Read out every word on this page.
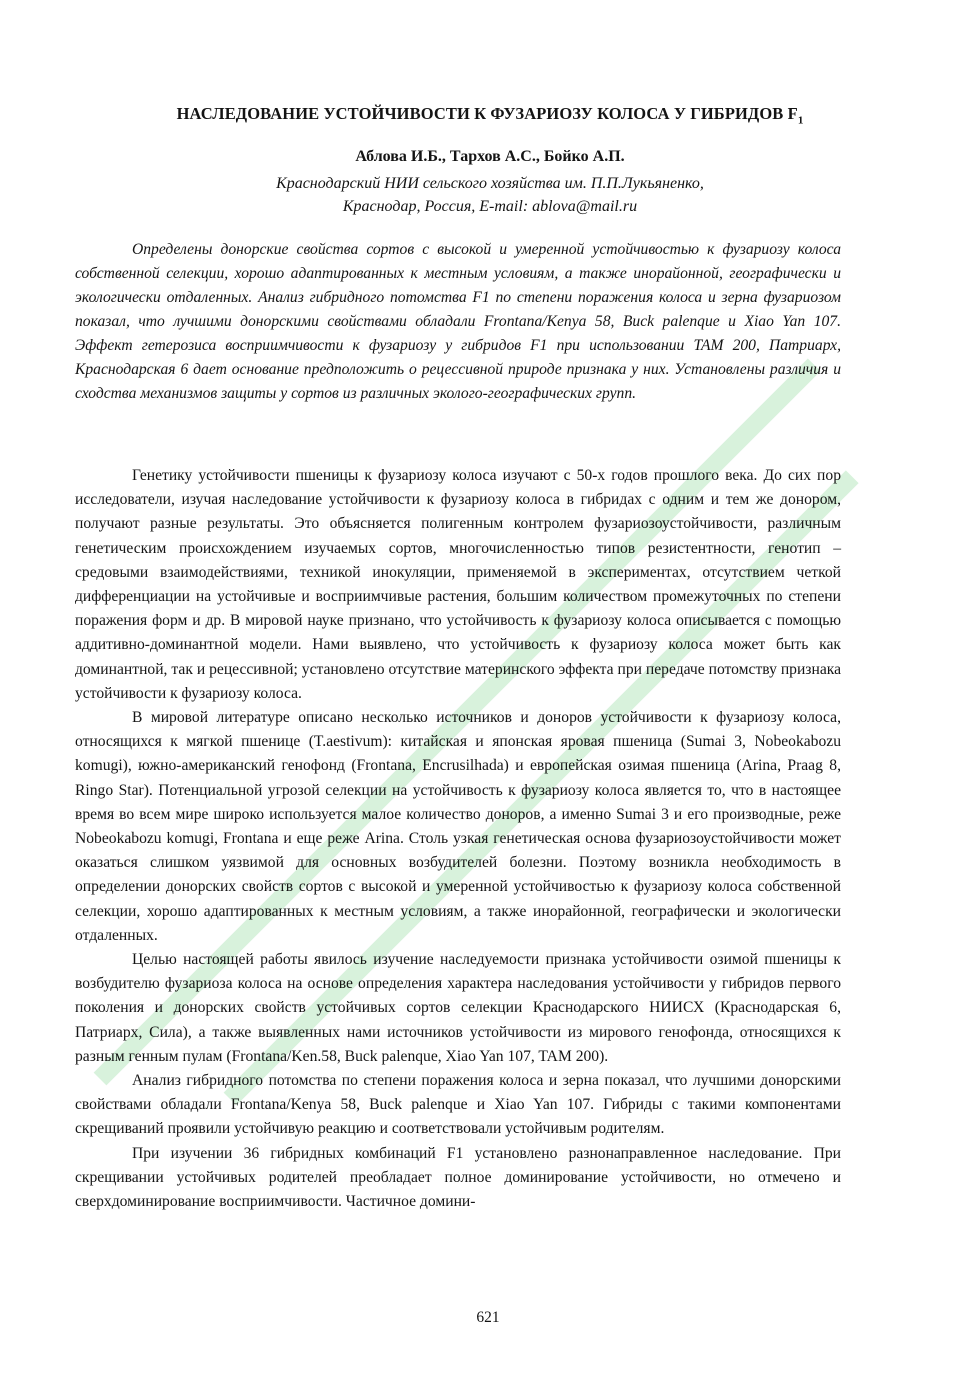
НАСЛЕДОВАНИЕ УСТОЙЧИВОСТИ К ФУЗАРИОЗУ КОЛОСА У ГИБРИДОВ $F_1$
Аблова И.Б., Тархов А.С., Бойко А.П.
Краснодарский НИИ сельского хозяйства им. П.П.Лукьяненко,
Краснодар, Россия, E-mail: ablova@mail.ru

Определены донорские свойства сортов с высокой и умеренной устойчивостью к фузариозу колоса собственной селекции, хорошо адаптированных к местным условиям, а также инорайонной, географически и экологически отдаленных. Анализ гибридного потомства F1 по степени поражения колоса и зерна фузариозом показал, что лучшими донорскими свойствами обладали Frontana/Kenya 58, Buck palenque и Xiao Yan 107. Эффект гетерозиса восприимчивости к фузариозу у гибридов F1 при использовании TAM 200, Патриарх, Краснодарская 6 дает основание предположить о рецессивной природе признака у них. Установлены различия и сходства механизмов защиты у сортов из различных эколого-географических групп.

Генетику устойчивости пшеницы к фузариозу колоса изучают с 50-х годов прошлого века. До сих пор исследователи, изучая наследование устойчивости к фузариозу колоса в гибридах с одним и тем же донором, получают разные результаты. Это объясняется полигенным контролем фузариозоустойчивости, различным генетическим происхождением изучаемых сортов, многочисленностью типов резистентности, генотип – средовыми взаимодействиями, техникой инокуляции, применяемой в экспериментах, отсутствием четкой дифференциации на устойчивые и восприимчивые растения, большим количеством промежуточных по степени поражения форм и др. В мировой науке признано, что устойчивость к фузариозу колоса описывается с помощью аддитивно-доминантной модели. Нами выявлено, что устойчивость к фузариозу колоса может быть как доминантной, так и рецессивной; установлено отсутствие материнского эффекта при передаче потомству признака устойчивости к фузариозу колоса.

В мировой литературе описано несколько источников и доноров устойчивости к фузариозу колоса, относящихся к мягкой пшенице (T.aestivum): китайская и японская яровая пшеница (Sumai 3, Nobeokabozu komugi), южно-американский генофонд (Frontana, Encrusilhada) и европейская озимая пшеница (Arina, Praag 8, Ringo Star). Потенциальной угрозой селекции на устойчивость к фузариозу колоса является то, что в настоящее время во всем мире широко используется малое количество доноров, а именно Sumai 3 и его производные, реже Nobeokabozu komugi, Frontana и еще реже Arina. Столь узкая генетическая основа фузариозоустойчивости может оказаться слишком уязвимой для основных возбудителей болезни. Поэтому возникла необходимость в определении донорских свойств сортов с высокой и умеренной устойчивостью к фузариозу колоса собственной селекции, хорошо адаптированных к местным условиям, а также инорайонной, географически и экологически отдаленных.

Целью настоящей работы явилось изучение наследуемости признака устойчивости озимой пшеницы к возбудителю фузариоза колоса на основе определения характера наследования устойчивости у гибридов первого поколения и донорских свойств устойчивых сортов селекции Краснодарского НИИСХ (Краснодарская 6, Патриарх, Сила), а также выявленных нами источников устойчивости из мирового генофонда, относящихся к разным генным пулам (Frontana/Ken.58, Buck palenque, Xiao Yan 107, TAM 200).

Анализ гибридного потомства по степени поражения колоса и зерна показал, что лучшими донорскими свойствами обладали Frontana/Kenya 58, Buck palenque и Xiao Yan 107. Гибриды с такими компонентами скрещиваний проявили устойчивую реакцию и соответствовали устойчивым родителям.

При изучении 36 гибридных комбинаций F1 установлено разнонаправленное наследование. При скрещивании устойчивых родителей преобладает полное доминирование устойчивости, но отмечено и сверхдоминирование восприимчивости. Частичное домини-

621
